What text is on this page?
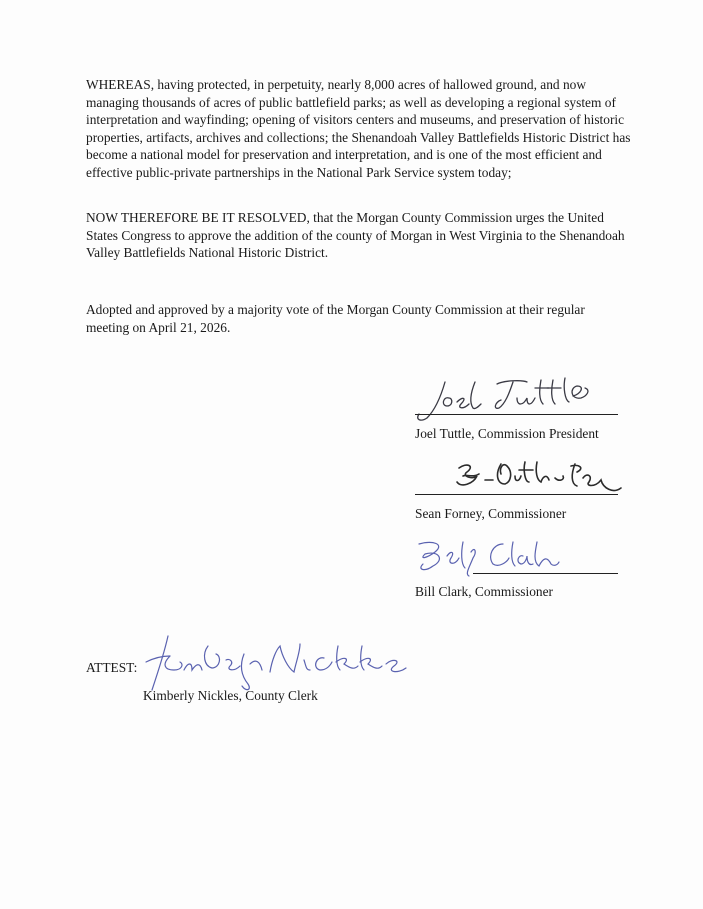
WHEREAS, having protected, in perpetuity, nearly 8,000 acres of hallowed ground, and now managing thousands of acres of public battlefield parks; as well as developing a regional system of interpretation and wayfinding; opening of visitors centers and museums, and preservation of historic properties, artifacts, archives and collections; the Shenandoah Valley Battlefields Historic District has become a national model for preservation and interpretation, and is one of the most efficient and effective public-private partnerships in the National Park Service system today;

NOW THEREFORE BE IT RESOLVED, that the Morgan County Commission urges the United States Congress to approve the addition of the county of Morgan in West Virginia to the Shenandoah Valley Battlefields National Historic District.

Adopted and approved by a majority vote of the Morgan County Commission at their regular meeting on April 21, 2026.

Joel Tuttle, Commission President
Sean Forney, Commissioner
Bill Clark, Commissioner
ATTEST:
Kimberly Nickles, County Clerk
